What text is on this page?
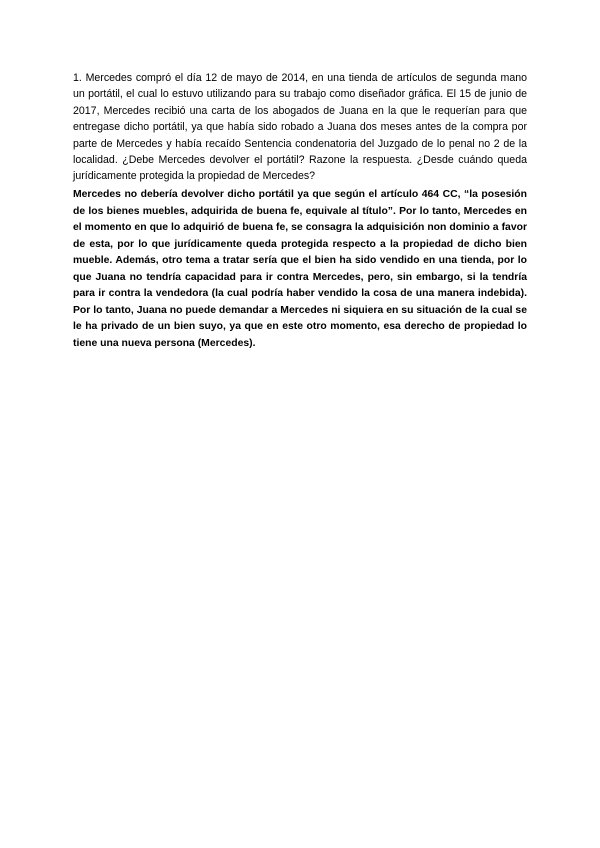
1. Mercedes compró el día 12 de mayo de 2014, en una tienda de artículos de segunda mano un portátil, el cual lo estuvo utilizando para su trabajo como diseñador gráfica. El 15 de junio de 2017, Mercedes recibió una carta de los abogados de Juana en la que le requerían para que entregase dicho portátil, ya que había sido robado a Juana dos meses antes de la compra por parte de Mercedes y había recaído Sentencia condenatoria del Juzgado de lo penal no 2 de la localidad. ¿Debe Mercedes devolver el portátil? Razone la respuesta. ¿Desde cuándo queda jurídicamente protegida la propiedad de Mercedes?

Mercedes no debería devolver dicho portátil ya que según el artículo 464 CC, “la posesión de los bienes muebles, adquirida de buena fe, equivale al título”. Por lo tanto, Mercedes en el momento en que lo adquirió de buena fe, se consagra la adquisición non dominio a favor de esta, por lo que jurídicamente queda protegida respecto a la propiedad de dicho bien mueble. Además, otro tema a tratar sería que el bien ha sido vendido en una tienda, por lo que Juana no tendría capacidad para ir contra Mercedes, pero, sin embargo, si la tendría para ir contra la vendedora (la cual podría haber vendido la cosa de una manera indebida). Por lo tanto, Juana no puede demandar a Mercedes ni siquiera en su situación de la cual se le ha privado de un bien suyo, ya que en este otro momento, esa derecho de propiedad lo tiene una nueva persona (Mercedes).
